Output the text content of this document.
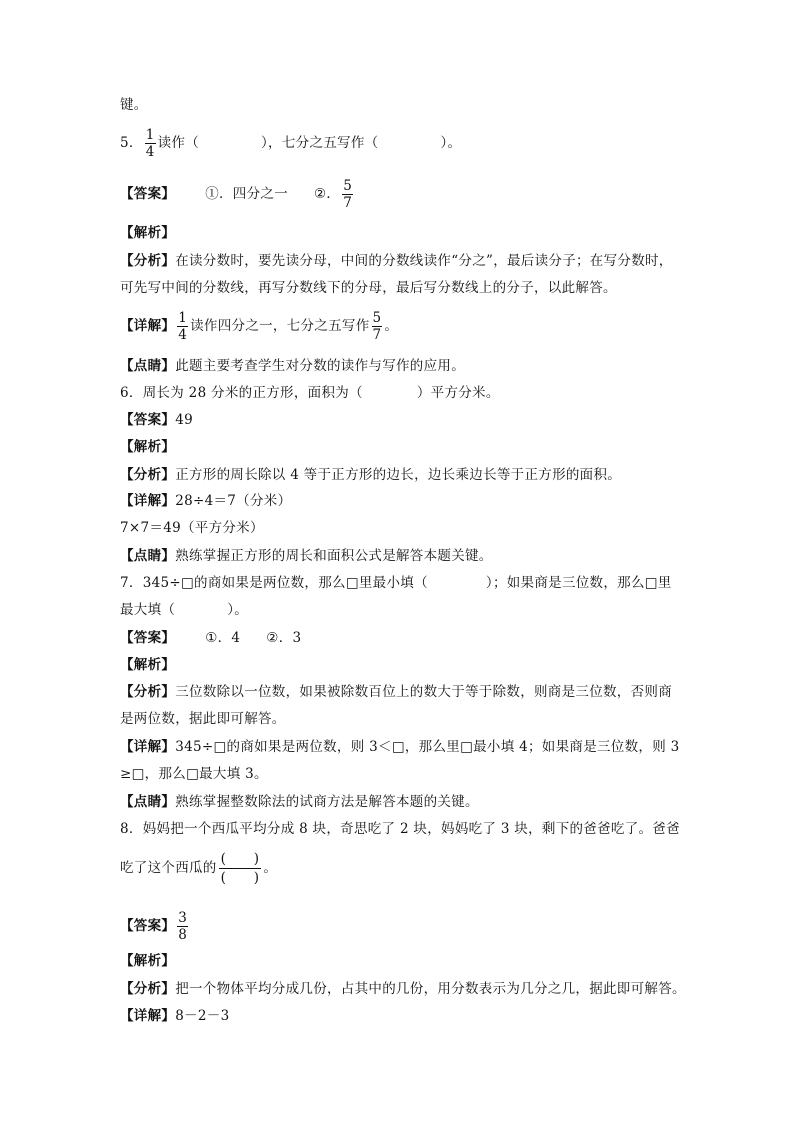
键。
5． $\frac{1}{4}$ 读作（	），七分之五写作（	）。
【答案】 ①．四分之一 ②． $\frac{5}{7}$
【解析】
【分析】在读分数时，要先读分母，中间的分数线读作“分之”，最后读分子；在写分数时，
可先写中间的分数线，再写分数线下的分母，最后写分数线上的分子，以此解答。
【详解】 $\frac{1}{4}$ 读作四分之一，七分之五写作 $\frac{5}{7}$ 。
【点睛】此题主要考查学生对分数的读作与写作的应用。
6．周长为 28 分米的正方形，面积为（	）平方分米。
【答案】49
【解析】
【分析】正方形的周长除以 4 等于正方形的边长，边长乘边长等于正方形的面积。
【详解】28÷4＝7（分米）
7×7＝49（平方分米）
【点睛】熟练掌握正方形的周长和面积公式是解答本题关键。
7．345÷□的商如果是两位数，那么□里最小填（	）；如果商是三位数，那么□里
最大填（	）。
【答案】 ①．4 ②．3
【解析】
【分析】三位数除以一位数，如果被除数百位上的数大于等于除数，则商是三位数，否则商
是两位数，据此即可解答。
【详解】345÷□的商如果是两位数，则 3＜□，那么里□最小填 4；如果商是三位数，则 3
≥□，那么□最大填 3。
【点睛】熟练掌握整数除法的试商方法是解答本题的关键。
8．妈妈把一个西瓜平均分成 8 块，奇思吃了 2 块，妈妈吃了 3 块，剩下的爸爸吃了。爸爸
吃了这个西瓜的 $\frac{( )}{( )}$ 。
【答案】 $\frac{3}{8}$
【解析】
【分析】把一个物体平均分成几份，占其中的几份，用分数表示为几分之几，据此即可解答。
【详解】8－2－3
